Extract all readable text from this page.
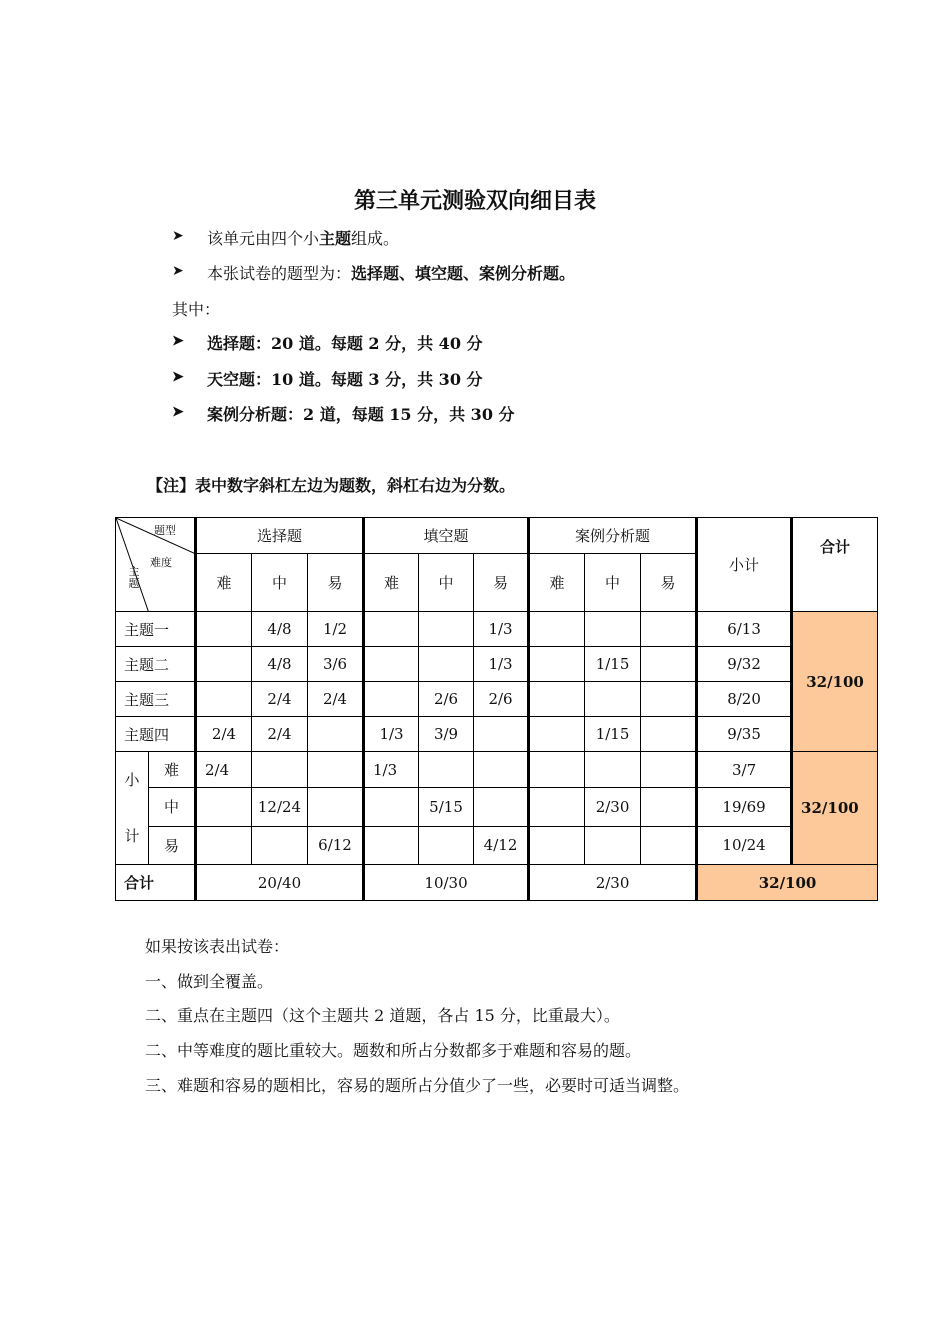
第三单元测验双向细目表
➤ 该单元由四个小主题组成。
➤ 本张试卷的题型为：选择题、填空题、案例分析题。
其中：
➤ 选择题：20 道。每题 2 分，共 40 分
➤ 天空题：10 道。每题 3 分，共 30 分
➤ 案例分析题：2 道，每题 15 分，共 30 分
【注】表中数字斜杠左边为题数，斜杠右边为分数。
题型
难度
主题		选择题			填空题			案例分析题			小计	合计
		难	中	易	难	中	易	难	中	易		
主题一			4/8	1/2			1/3				6/13	32/100
主题二			4/8	3/6			1/3		1/15		9/32	
主题三			2/4	2/4		2/6	2/6				8/20	
主题四		2/4	2/4		1/3	3/9			1/15		9/35	
小
计	难	2/4			1/3						3/7	32/100
	中		12/24			5/15			2/30		19/69	
	易			6/12			4/12				10/24	
合计		20/40			10/30			2/30			32/100	
如果按该表出试卷：
一、做到全覆盖。
二、重点在主题四（这个主题共 2 道题，各占 15 分，比重最大）。
二、中等难度的题比重较大。题数和所占分数都多于难题和容易的题。
三、难题和容易的题相比，容易的题所占分值少了一些，必要时可适当调整。
